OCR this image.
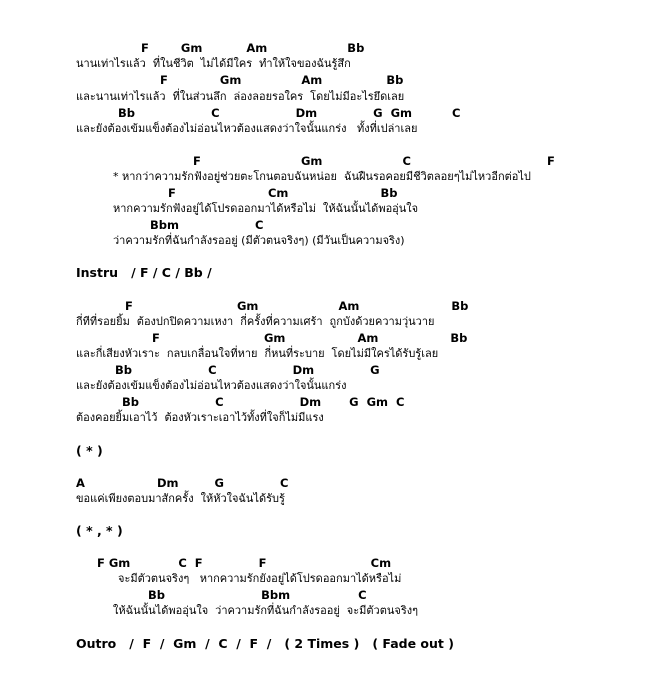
F        Gm           Am                    Bb
นานเท่าไรแล้ว  ที่ในชีวิต  ไม่ได้มีใคร  ทำให้ใจของฉันรู้สึก
F             Gm               Am                Bb
และนานเท่าไรแล้ว  ที่ในส่วนลึก  ล่องลอยรอใคร  โดยไม่มีอะไรยึดเลย
Bb                   C                   Dm              G  Gm          C
และยังต้องเข้มแข็งต้องไม่อ่อนไหวต้องแสดงว่าใจนั้นแกร่ง   ทั้งที่เปล่าเลย
F                         Gm                    C                                  F
* หากว่าความรักฟังอยู่ช่วยตะโกนตอบฉันหน่อย  ฉันฝืนรอคอยมีชีวิตลอยๆไม่ไหวอีกต่อไป
F                       Cm                       Bb
หากความรักฟังอยู่ได้โปรดออกมาได้หรือไม่  ให้ฉันนั้นได้พออุ่นใจ
Bbm                   C
ว่าความรักที่ฉันกำลังรออยู่ (มีตัวตนจริงๆ) (มีวันเป็นความจริง)
Instru   / F / C / Bb /
F                          Gm                    Am                       Bb
กี่ทีที่รอยยิ้ม  ต้องปกปิดความเหงา  กี่ครั้งที่ความเศร้า  ถูกบังด้วยความวุ่นวาย
F                          Gm                  Am                  Bb
และกี่เสียงหัวเราะ  กลบเกลื่อนใจที่หาย  กี่หนที่ระบาย  โดยไม่มีใครได้รับรู้เลย
Bb                   C                   Dm              G
และยังต้องเข้มแข็งต้องไม่อ่อนไหวต้องแสดงว่าใจนั้นแกร่ง
Bb                   C                   Dm       G  Gm  C
ต้องคอยยิ้มเอาไว้  ต้องหัวเราะเอาไว้ทั้งที่ใจก็ไม่มีแรง
( * )
A                  Dm         G              C
ขอแค่เพียงตอบมาสักครั้ง  ให้หัวใจฉันได้รับรู้
( * , * )
F Gm            C  F              F                          Cm
จะมีตัวตนจริงๆ   หากความรักยังอยู่ได้โปรดออกมาได้หรือไม่
Bb                        Bbm                 C
ให้ฉันนั้นได้พออุ่นใจ  ว่าความรักที่ฉันกำลังรออยู่  จะมีตัวตนจริงๆ
Outro   /  F  /  Gm  /  C  /  F  /   ( 2 Times )   ( Fade out )
